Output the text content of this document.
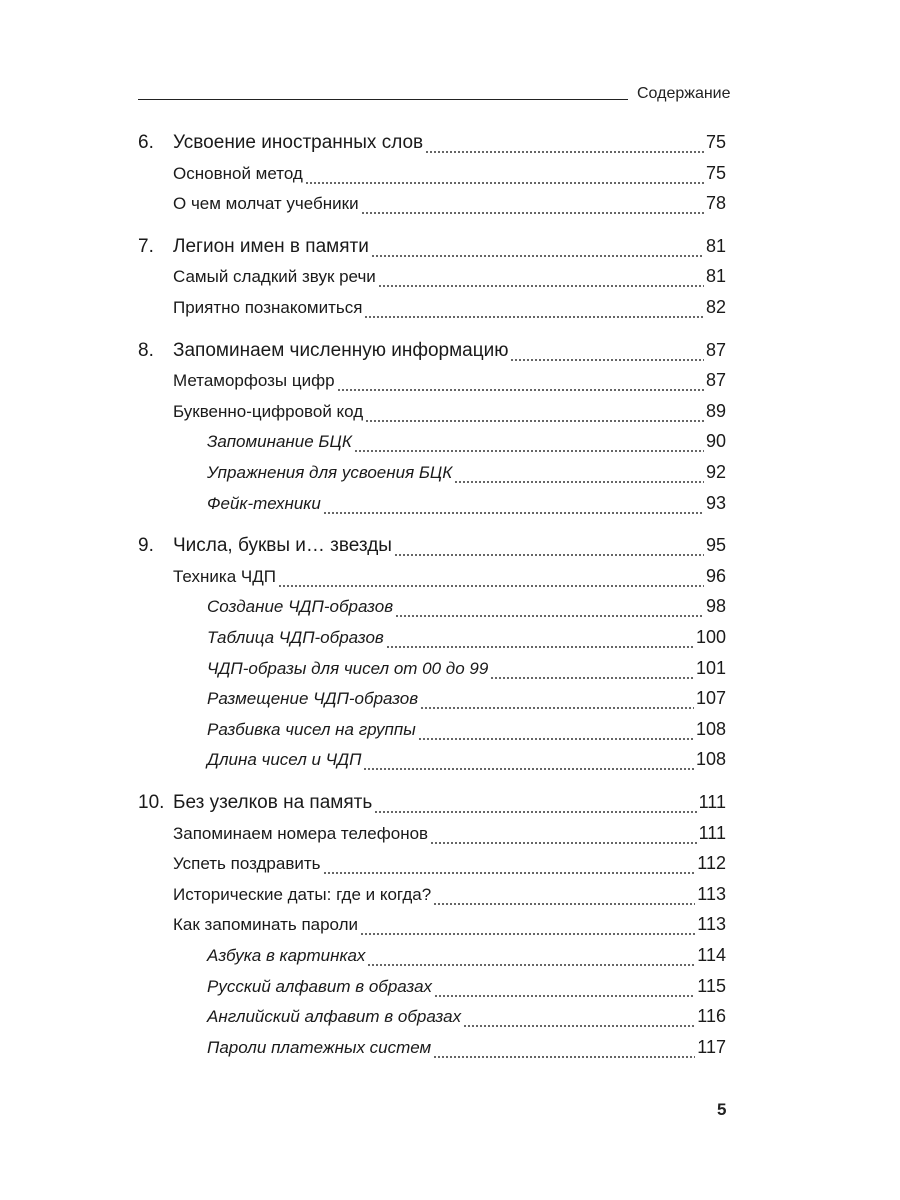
Содержание
6. Усвоение иностранных слов	75
Основной метод	75
О чем молчат учебники	78
7. Легион имен в памяти	81
Самый сладкий звук речи	81
Приятно познакомиться	82
8. Запоминаем численную информацию	87
Метаморфозы цифр	87
Буквенно-цифровой код	89
Запоминание БЦК	90
Упражнения для усвоения БЦК	92
Фейк-техники	93
9. Числа, буквы и… звезды	95
Техника ЧДП	96
Создание ЧДП-образов	98
Таблица ЧДП-образов	100
ЧДП-образы для чисел от 00 до 99	101
Размещение ЧДП-образов	107
Разбивка чисел на группы	108
Длина чисел и ЧДП	108
10. Без узелков на память	111
Запоминаем номера телефонов	111
Успеть поздравить	112
Исторические даты: где и когда?	113
Как запоминать пароли	113
Азбука в картинках	114
Русский алфавит в образах	115
Английский алфавит в образах	116
Пароли платежных систем	117
5
